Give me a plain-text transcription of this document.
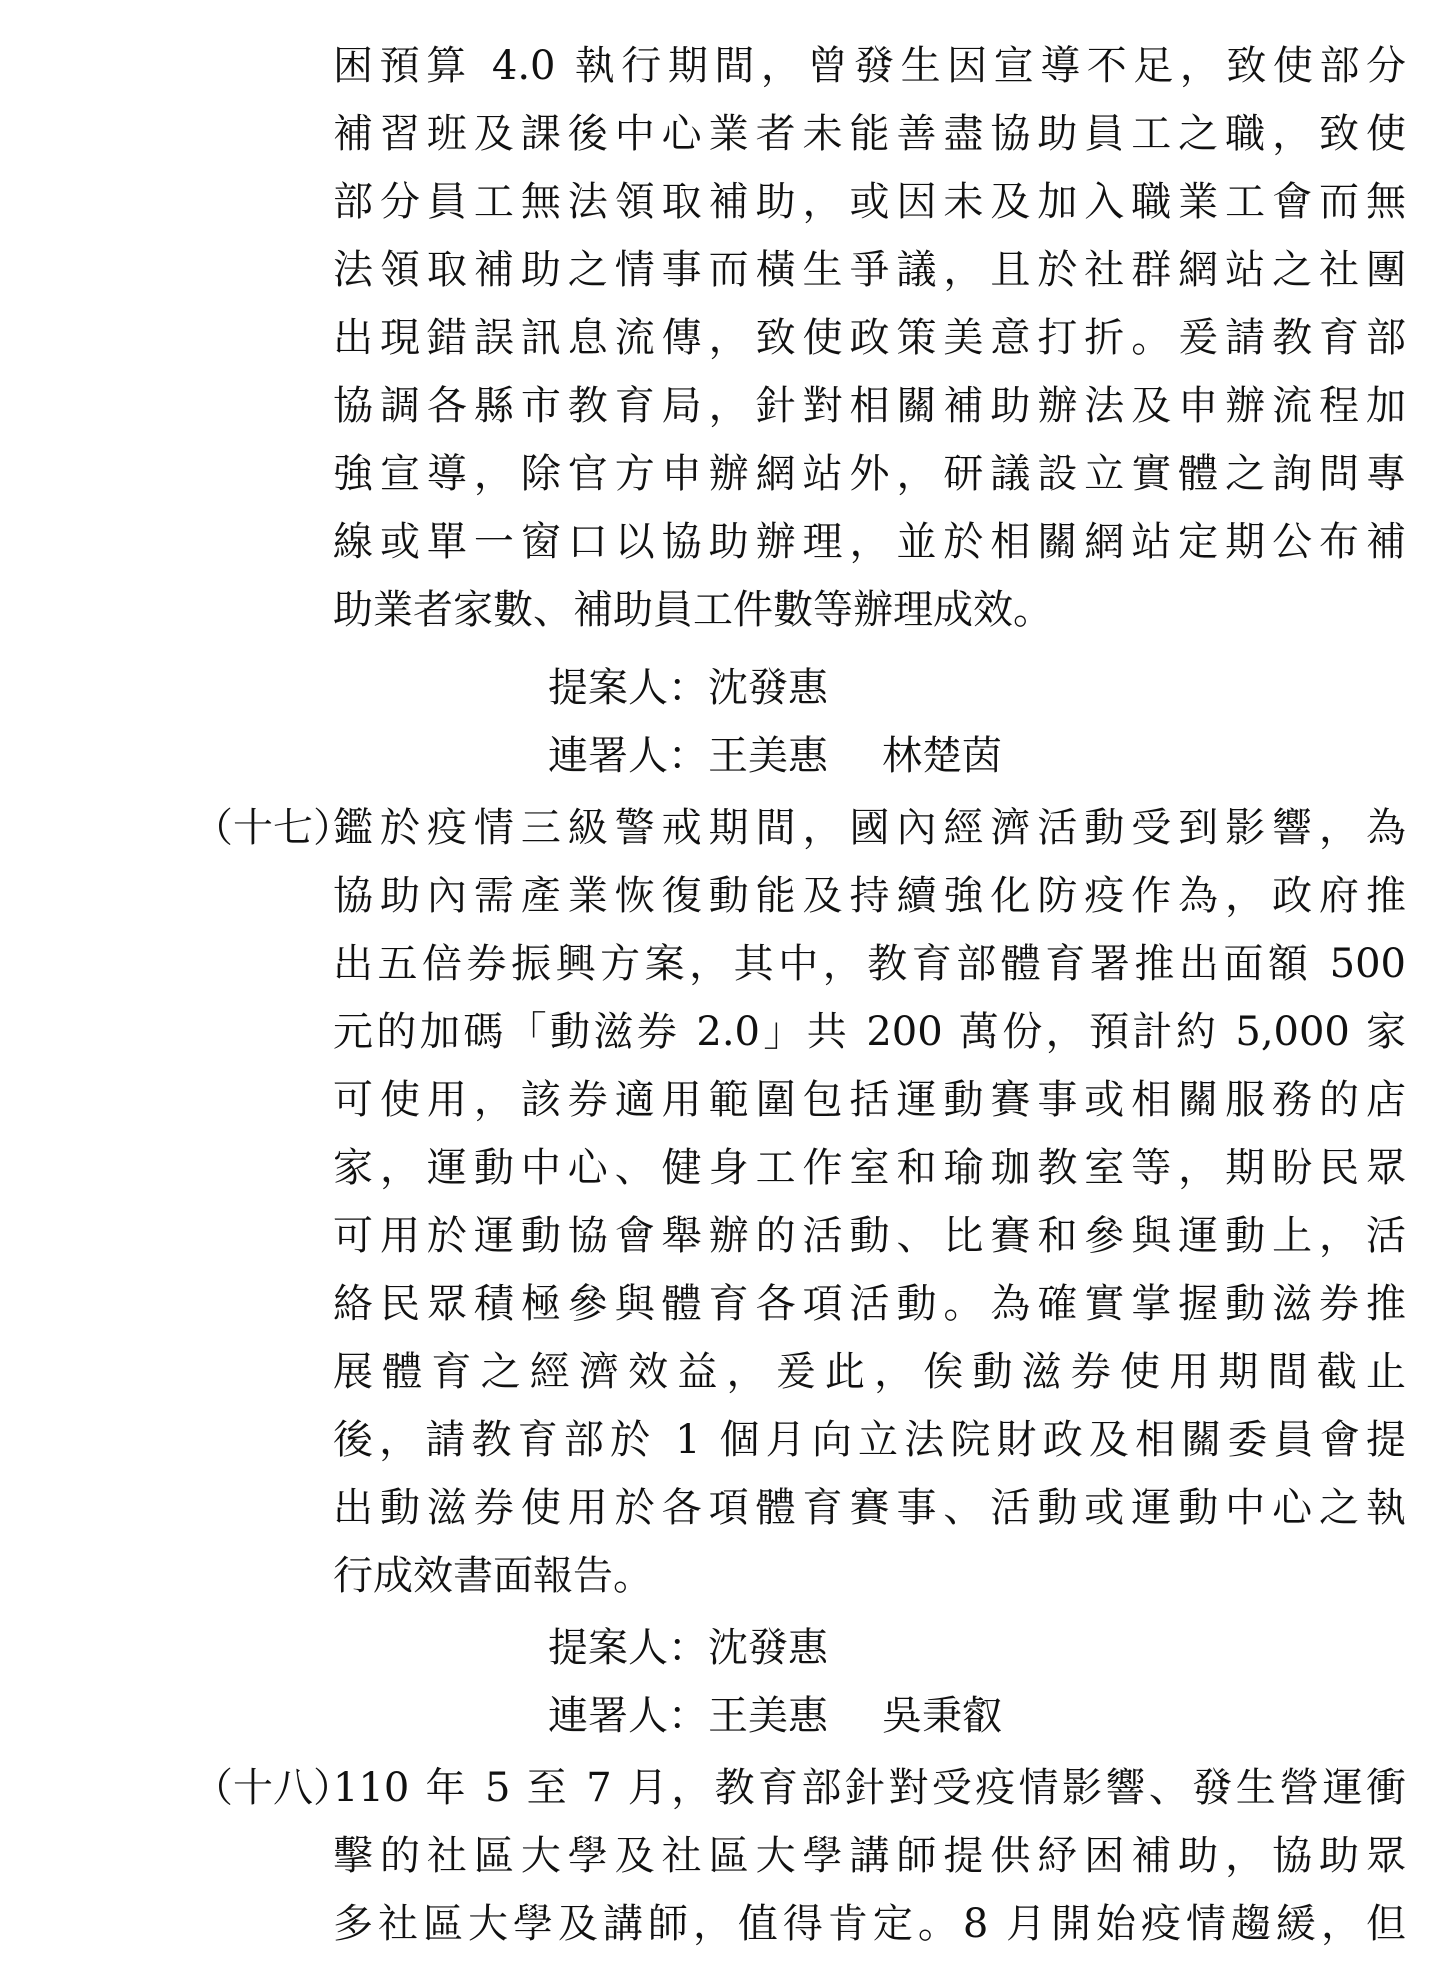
困預算 4.0 執行期間，曾發生因宣導不足，致使部分
補習班及課後中心業者未能善盡協助員工之職，致使
部分員工無法領取補助，或因未及加入職業工會而無
法領取補助之情事而橫生爭議，且於社群網站之社團
出現錯誤訊息流傳，致使政策美意打折。爰請教育部
協調各縣市教育局，針對相關補助辦法及申辦流程加
強宣導，除官方申辦網站外，研議設立實體之詢問專
線或單一窗口以協助辦理，並於相關網站定期公布補
助業者家數、補助員工件數等辦理成效。
提案人：沈發惠
連署人：王美惠 林楚茵
（十七）
鑑於疫情三級警戒期間，國內經濟活動受到影響，為
協助內需產業恢復動能及持續強化防疫作為，政府推
出五倍券振興方案，其中，教育部體育署推出面額 500
元的加碼「動滋券 2.0」共 200 萬份，預計約 5,000 家
可使用，該券適用範圍包括運動賽事或相關服務的店
家，運動中心、健身工作室和瑜珈教室等，期盼民眾
可用於運動協會舉辦的活動、比賽和參與運動上，活
絡民眾積極參與體育各項活動。為確實掌握動滋券推
展體育之經濟效益，爰此，俟動滋券使用期間截止
後，請教育部於 1 個月向立法院財政及相關委員會提
出動滋券使用於各項體育賽事、活動或運動中心之執
行成效書面報告。
提案人：沈發惠
連署人：王美惠 吳秉叡
（十八）
110 年 5 至 7 月，教育部針對受疫情影響、發生營運衝
擊的社區大學及社區大學講師提供紓困補助，協助眾
多社區大學及講師，值得肯定。8 月開始疫情趨緩，但
